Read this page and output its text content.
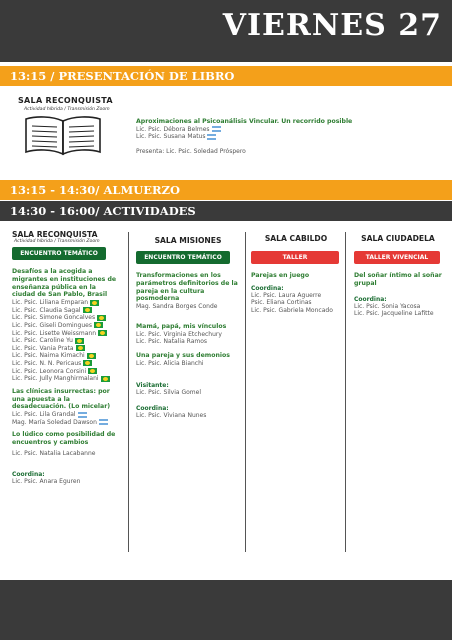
VIERNES 27
13:15 / PRESENTACIÓN DE LIBRO
SALA RECONQUISTA
Actividad híbrida / Transmisión Zoom
Aproximaciones al Psicoanálisis Vincular. Un recorrido posible
Lic. Psic. Débora Belmes
Lic. Psic. Susana Matus
Presenta: Lic. Psic. Soledad Próspero
13:15 - 14:30/ ALMUERZO
14:30 - 16:00/ ACTIVIDADES
SALA RECONQUISTA
Actividad híbrida / Transmisión Zoom
ENCUENTRO TEMÁTICO
Desafíos a la acogida a
migrantes en instituciones de
enseñanza pública en la
ciudad de San Pablo, Brasil
Lic. Psic. Liliana Emparan
Lic. Psic. Claudia Sagal
Lic. Psic. Simone Goncalves
Lic. Psic. Giseli Domingues
Lic. Psic. Lisette Weissmann
Lic. Psic. Caroline Yu
Lic. Psic. Vania Prata
Lic. Psic. Naima Kimachi
Lic. Psic. N. N. Pericaus
Lic. Psic. Leonora Corsini
Lic. Psic. Jully Manghirmalani
Las clínicas insurrectas: por
una apuesta a la
desadecuación. (Lo micelar)
Lic. Psic. Lila Grandal
Mag. María Soledad Dawson
Lo lúdico como posibilidad de
encuentros y cambios
Lic. Psic. Natalia Lacabanne
Coordina:
Lic. Psic. Anara Eguren
SALA MISIONES
ENCUENTRO TEMÁTICO
Transformaciones en los
parámetros definitorios de la
pareja en la cultura
posmoderna
Mag. Sandra Borges Conde
Mamá, papá, mis vínculos
Lic. Psic. Virginia Etchechury
Lic. Psic. Natalia Ramos
Una pareja y sus demonios
Lic. Psic. Alicia Bianchi
Visitante:
Lic. Psic. Silvia Gomel
Coordina:
Lic. Psic. Viviana Nunes
SALA CABILDO
TALLER
Parejas en juego
Coordina:
Lic. Psic. Laura Aguerre
Psic. Eliana Cortinas
Lic. Psic. Gabriela Moncado
SALA CIUDADELA
TALLER VIVENCIAL
Del soñar íntimo al soñar
grupal
Coordina:
Lic. Psic. Sonia Yacosa
Lic. Psic. Jacqueline Lafitte
